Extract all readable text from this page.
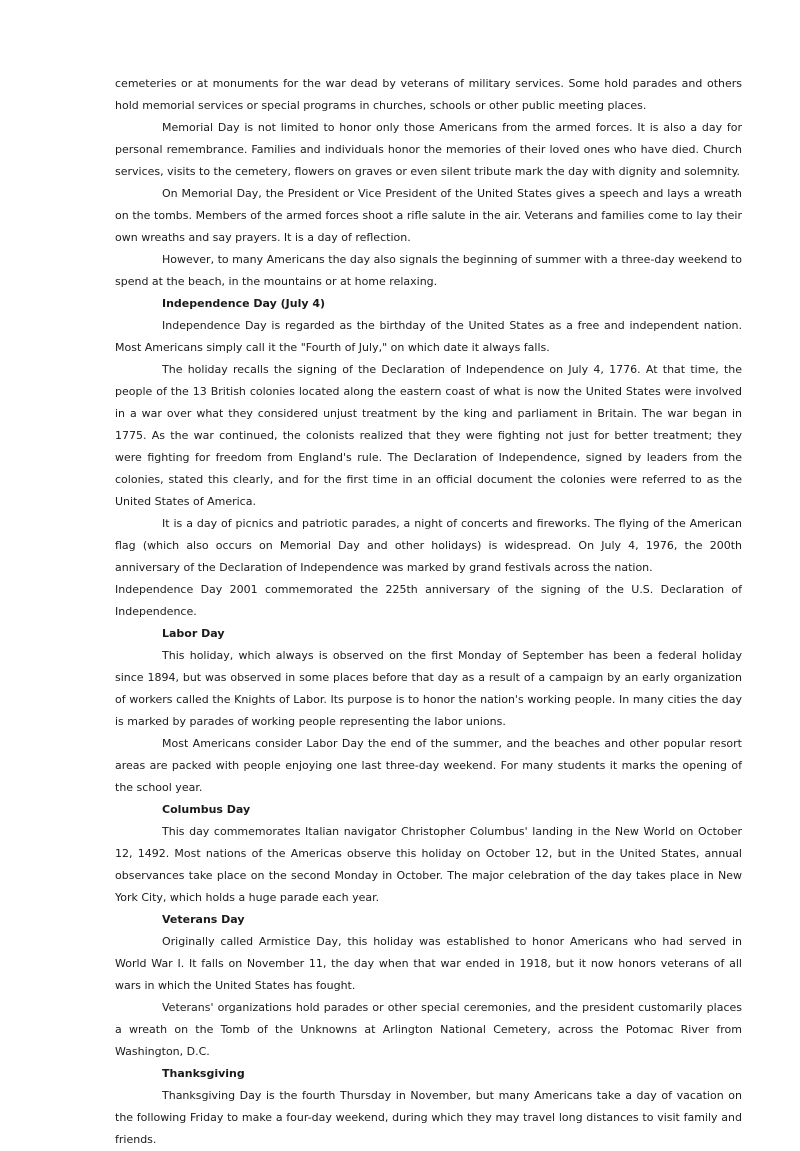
cemeteries or at monuments for the war dead by veterans of military services. Some hold parades and others hold memorial services or special programs in churches, schools or other public meeting places.

Memorial Day is not limited to honor only those Americans from the armed forces. It is also a day for personal remembrance. Families and individuals honor the memories of their loved ones who have died. Church services, visits to the cemetery, flowers on graves or even silent tribute mark the day with dignity and solemnity.

On Memorial Day, the President or Vice President of the United States gives a speech and lays a wreath on the tombs. Members of the armed forces shoot a rifle salute in the air. Veterans and families come to lay their own wreaths and say prayers. It is a day of reflection.

However, to many Americans the day also signals the beginning of summer with a three-day weekend to spend at the beach, in the mountains or at home relaxing.

Independence Day (July 4)

Independence Day is regarded as the birthday of the United States as a free and independent nation. Most Americans simply call it the "Fourth of July," on which date it always falls.

The holiday recalls the signing of the Declaration of Independence on July 4, 1776. At that time, the people of the 13 British colonies located along the eastern coast of what is now the United States were involved in a war over what they considered unjust treatment by the king and parliament in Britain. The war began in 1775. As the war continued, the colonists realized that they were fighting not just for better treatment; they were fighting for freedom from England's rule. The Declaration of Independence, signed by leaders from the colonies, stated this clearly, and for the first time in an official document the colonies were referred to as the United States of America.

It is a day of picnics and patriotic parades, a night of concerts and fireworks. The flying of the American flag (which also occurs on Memorial Day and other holidays) is widespread. On July 4, 1976, the 200th anniversary of the Declaration of Independence was marked by grand festivals across the nation.

Independence Day 2001 commemorated the 225th anniversary of the signing of the U.S. Declaration of Independence.

Labor Day

This holiday, which always is observed on the first Monday of September has been a federal holiday since 1894, but was observed in some places before that day as a result of a campaign by an early organization of workers called the Knights of Labor. Its purpose is to honor the nation's working people. In many cities the day is marked by parades of working people representing the labor unions.

Most Americans consider Labor Day the end of the summer, and the beaches and other popular resort areas are packed with people enjoying one last three-day weekend. For many students it marks the opening of the school year.

Columbus Day

This day commemorates Italian navigator Christopher Columbus' landing in the New World on October 12, 1492. Most nations of the Americas observe this holiday on October 12, but in the United States, annual observances take place on the second Monday in October. The major celebration of the day takes place in New York City, which holds a huge parade each year.

Veterans Day

Originally called Armistice Day, this holiday was established to honor Americans who had served in World War I. It falls on November 11, the day when that war ended in 1918, but it now honors veterans of all wars in which the United States has fought.

Veterans' organizations hold parades or other special ceremonies, and the president customarily places a wreath on the Tomb of the Unknowns at Arlington National Cemetery, across the Potomac River from Washington, D.C.

Thanksgiving

Thanksgiving Day is the fourth Thursday in November, but many Americans take a day of vacation on the following Friday to make a four-day weekend, during which they may travel long distances to visit family and friends.
